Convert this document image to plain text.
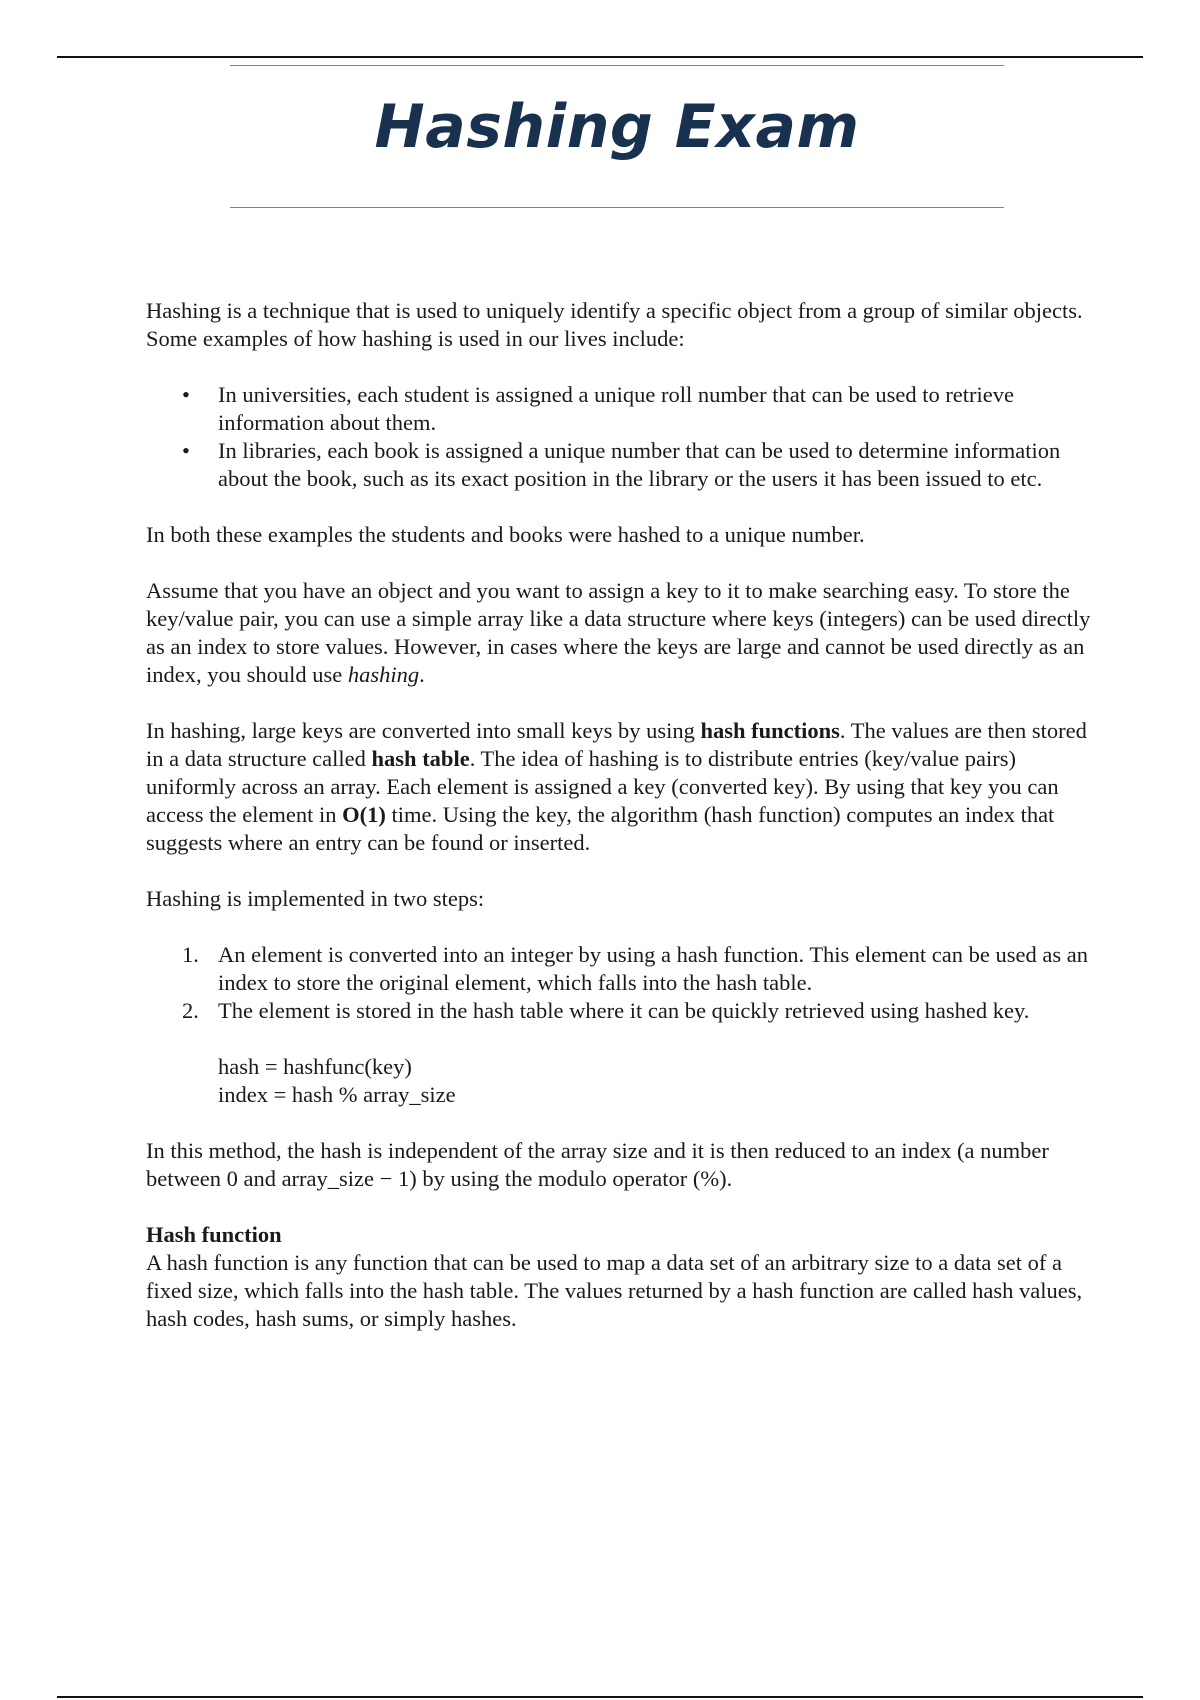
Hashing Exam

Hashing is a technique that is used to uniquely identify a specific object from a group of similar objects. Some examples of how hashing is used in our lives include:

• In universities, each student is assigned a unique roll number that can be used to retrieve information about them.
• In libraries, each book is assigned a unique number that can be used to determine information about the book, such as its exact position in the library or the users it has been issued to etc.

In both these examples the students and books were hashed to a unique number.

Assume that you have an object and you want to assign a key to it to make searching easy. To store the key/value pair, you can use a simple array like a data structure where keys (integers) can be used directly as an index to store values. However, in cases where the keys are large and cannot be used directly as an index, you should use hashing.

In hashing, large keys are converted into small keys by using hash functions. The values are then stored in a data structure called hash table. The idea of hashing is to distribute entries (key/value pairs) uniformly across an array. Each element is assigned a key (converted key). By using that key you can access the element in O(1) time. Using the key, the algorithm (hash function) computes an index that suggests where an entry can be found or inserted.

Hashing is implemented in two steps:

1. An element is converted into an integer by using a hash function. This element can be used as an index to store the original element, which falls into the hash table.
2. The element is stored in the hash table where it can be quickly retrieved using hashed key.
hash = hashfunc(key)
index = hash % array_size

In this method, the hash is independent of the array size and it is then reduced to an index (a number between 0 and array_size − 1) by using the modulo operator (%).

Hash function
A hash function is any function that can be used to map a data set of an arbitrary size to a data set of a fixed size, which falls into the hash table. The values returned by a hash function are called hash values, hash codes, hash sums, or simply hashes.
